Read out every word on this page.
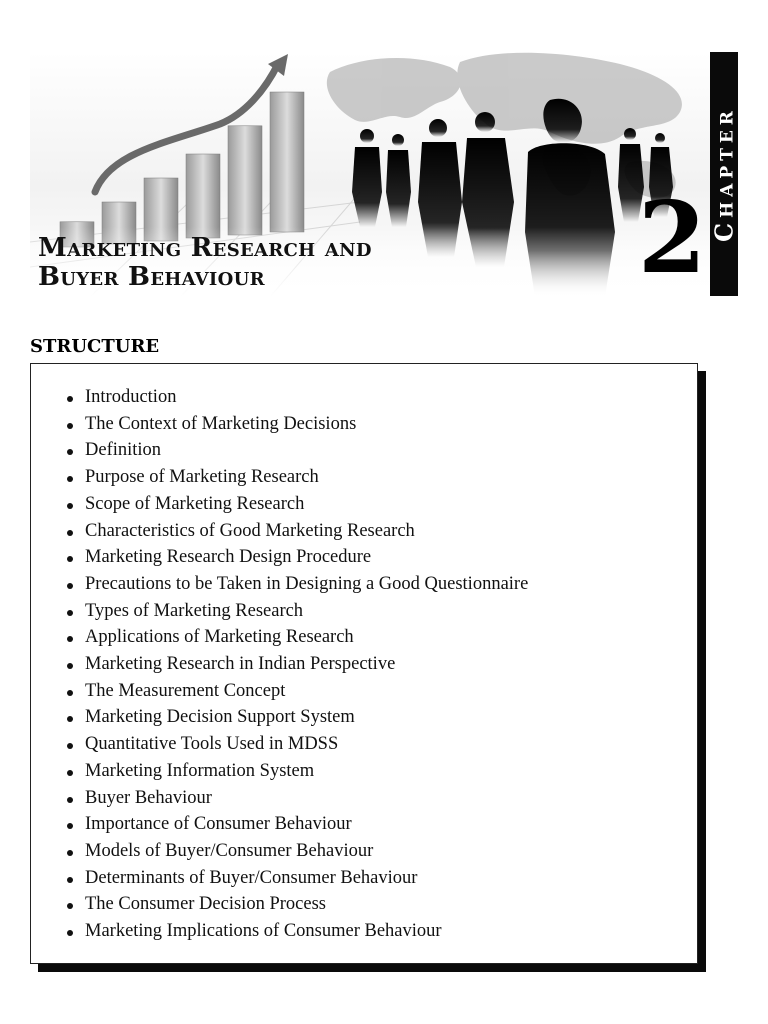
CHAPTER
2
Marketing Research and
Buyer Behaviour
STRUCTURE
Introduction
The Context of Marketing Decisions
Definition
Purpose of Marketing Research
Scope of Marketing Research
Characteristics of Good Marketing Research
Marketing Research Design Procedure
Precautions to be Taken in Designing a Good Questionnaire
Types of Marketing Research
Applications of Marketing Research
Marketing Research in Indian Perspective
The Measurement Concept
Marketing Decision Support System
Quantitative Tools Used in MDSS
Marketing Information System
Buyer Behaviour
Importance of Consumer Behaviour
Models of Buyer/Consumer Behaviour
Determinants of Buyer/Consumer Behaviour
The Consumer Decision Process
Marketing Implications of Consumer Behaviour
